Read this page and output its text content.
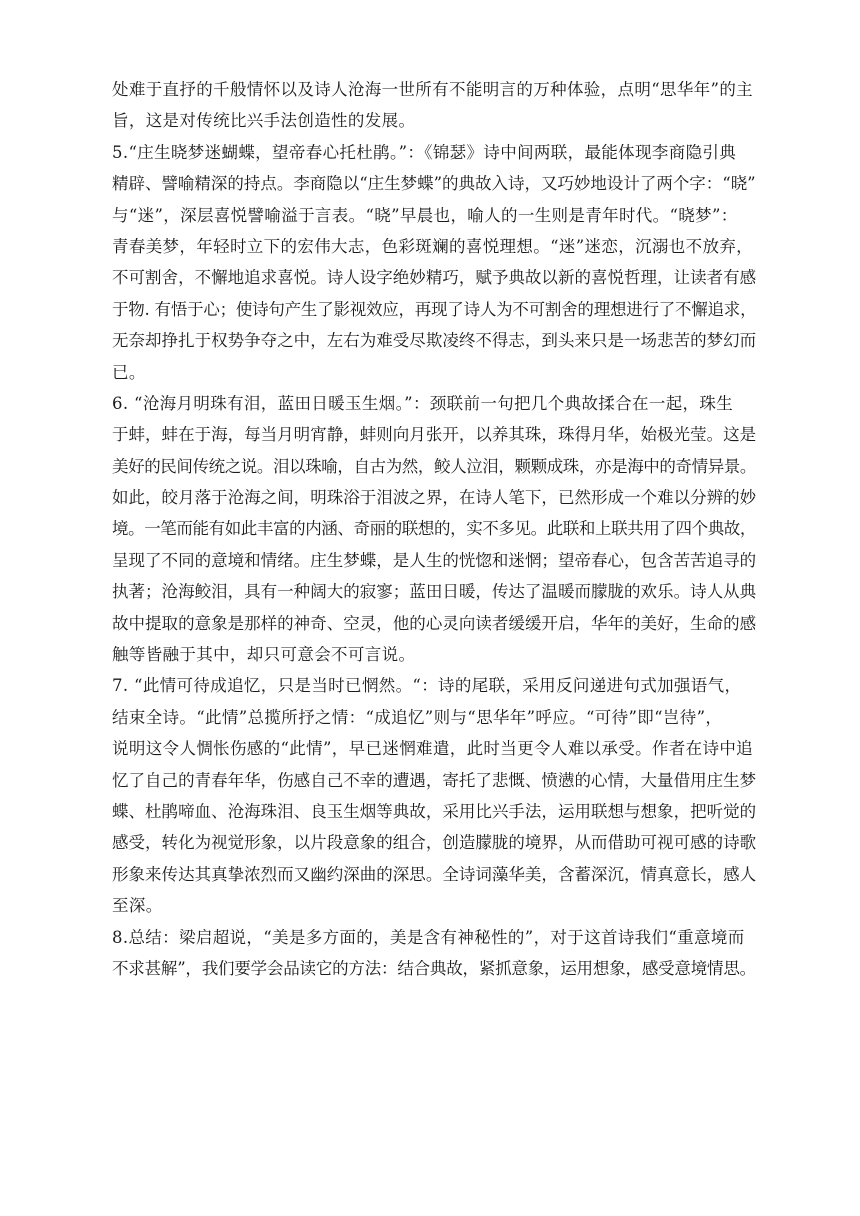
处难于直抒的千般情怀以及诗人沧海一世所有不能明言的万种体验，点明“思华年”的主
旨，这是对传统比兴手法创造性的发展。
5.“庄生晓梦迷蝴蝶，望帝春心托杜鹃。”：《锦瑟》诗中间两联，最能体现李商隐引典
精辟、譬喻精深的持点。李商隐以“庄生梦蝶”的典故入诗，又巧妙地设计了两个字：“晓”
与“迷”，深层喜悦譬喻溢于言表。“晓”早晨也，喻人的一生则是青年时代。“晓梦”：
青春美梦，年轻时立下的宏伟大志，色彩斑斓的喜悦理想。“迷”迷恋，沉溺也不放弃，
不可割舍，不懈地追求喜悦。诗人设字绝妙精巧，赋予典故以新的喜悦哲理，让读者有感
于物. 有悟于心；使诗句产生了影视效应，再现了诗人为不可割舍的理想进行了不懈追求，
无奈却挣扎于权势争夺之中，左右为难受尽欺凌终不得志，到头来只是一场悲苦的梦幻而
已。
6. “沧海月明珠有泪，蓝田日暖玉生烟。”：颈联前一句把几个典故揉合在一起，珠生
于蚌，蚌在于海，每当月明宵静，蚌则向月张开，以养其珠，珠得月华，始极光莹。这是
美好的民间传统之说。泪以珠喻，自古为然，鲛人泣泪，颗颗成珠，亦是海中的奇情异景。
如此，皎月落于沧海之间，明珠浴于泪波之界，在诗人笔下，已然形成一个难以分辨的妙
境。一笔而能有如此丰富的内涵、奇丽的联想的，实不多见。此联和上联共用了四个典故，
呈现了不同的意境和情绪。庄生梦蝶，是人生的恍惚和迷惘；望帝春心，包含苦苦追寻的
执著；沧海鲛泪，具有一种阔大的寂寥；蓝田日暖，传达了温暖而朦胧的欢乐。诗人从典
故中提取的意象是那样的神奇、空灵，他的心灵向读者缓缓开启，华年的美好，生命的感
触等皆融于其中，却只可意会不可言说。
7. “此情可待成追忆，只是当时已惘然。“：诗的尾联，采用反问递进句式加强语气，
结束全诗。“此情”总揽所抒之情：“成追忆”则与“思华年”呼应。“可待”即“岂待”，
说明这令人惆怅伤感的“此情”，早已迷惘难遣，此时当更令人难以承受。作者在诗中追
忆了自己的青春年华，伤感自己不幸的遭遇，寄托了悲慨、愤懑的心情，大量借用庄生梦
蝶、杜鹃啼血、沧海珠泪、良玉生烟等典故，采用比兴手法，运用联想与想象，把听觉的
感受，转化为视觉形象，以片段意象的组合，创造朦胧的境界，从而借助可视可感的诗歌
形象来传达其真挚浓烈而又幽约深曲的深思。全诗词藻华美，含蓄深沉，情真意长，感人
至深。
8.总结：梁启超说，“美是多方面的，美是含有神秘性的”，对于这首诗我们“重意境而
不求甚解”，我们要学会品读它的方法：结合典故，紧抓意象，运用想象，感受意境情思。
